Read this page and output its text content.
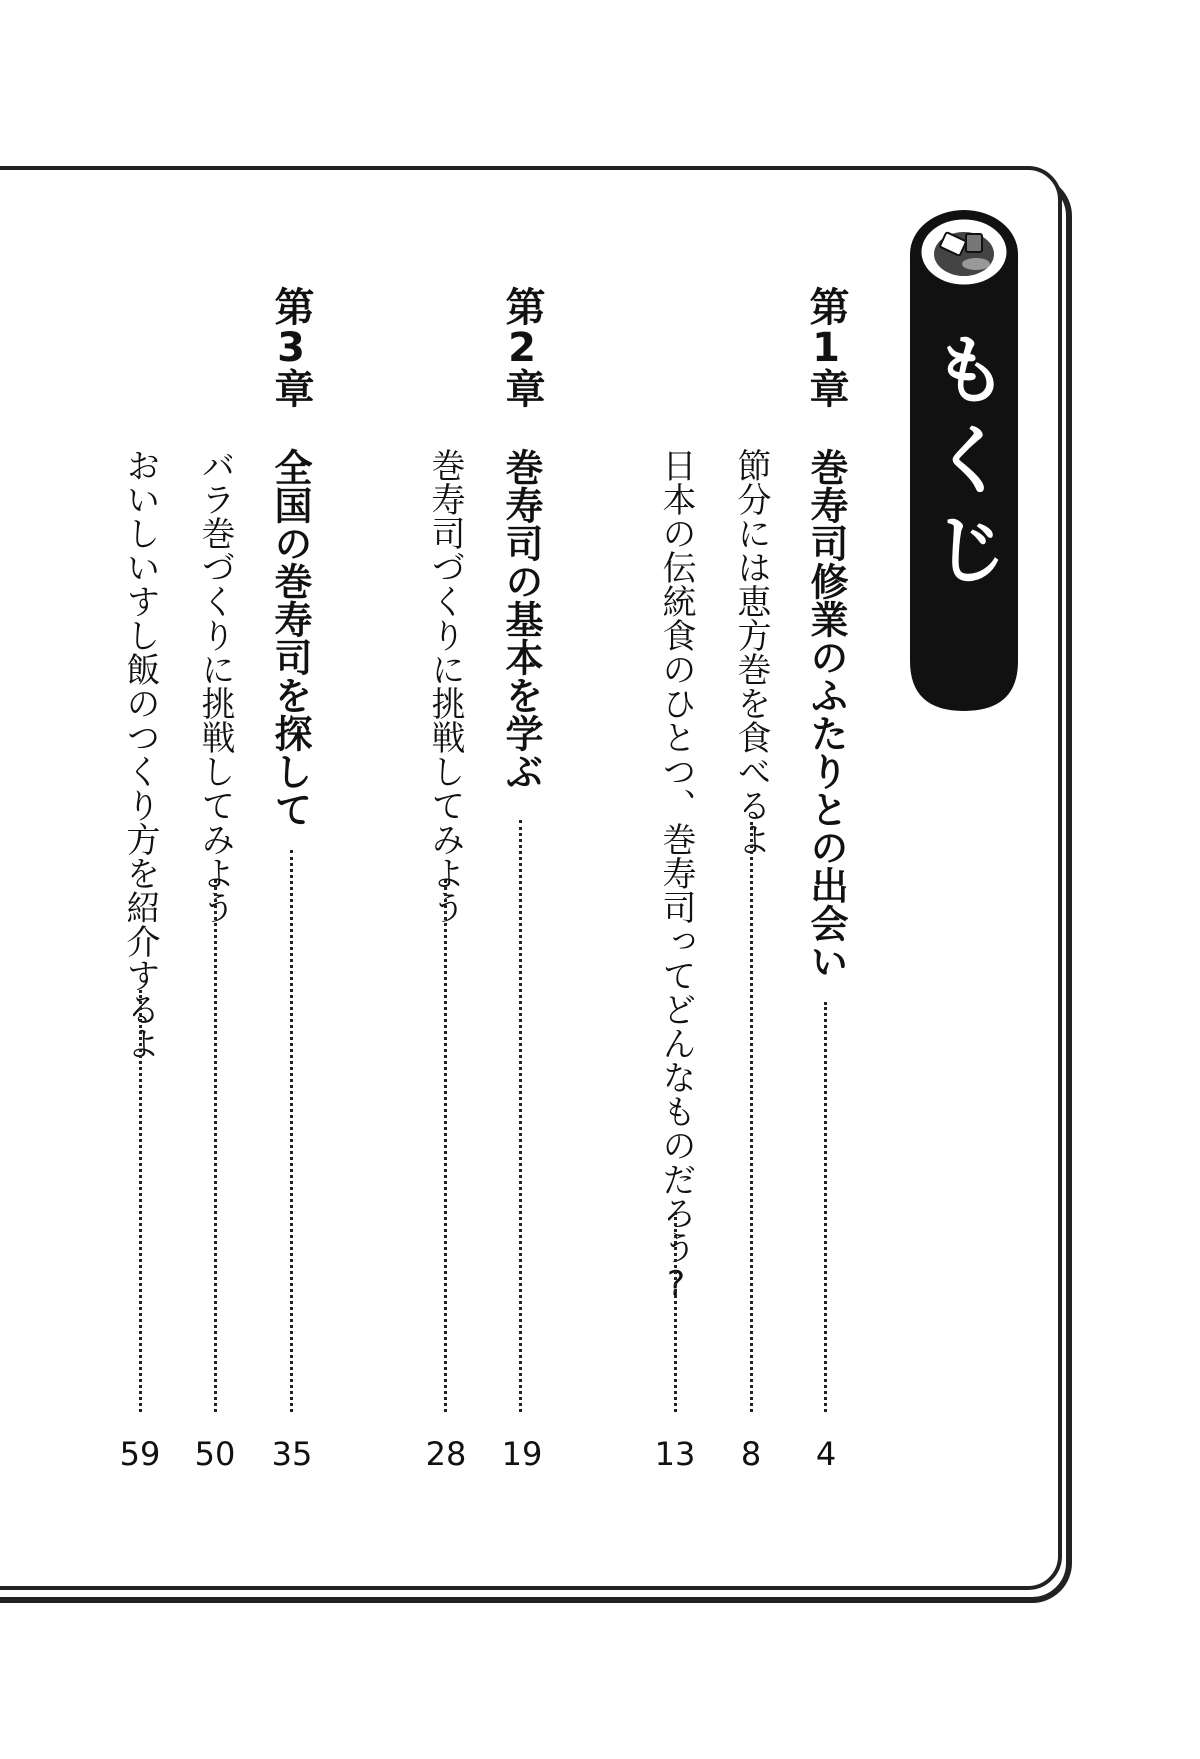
もくじ
第1章
巻寿司修業のふたりとの出会い
4
節分には恵方巻を食べるよ
8
日本の伝統食のひとつ、巻寿司ってどんなものだろう?
13
第2章
巻寿司の基本を学ぶ
19
巻寿司づくりに挑戦してみよう
28
第3章
全国の巻寿司を探して
35
バラ巻づくりに挑戦してみよう
50
おいしいすし飯のつくり方を紹介するよ
59
